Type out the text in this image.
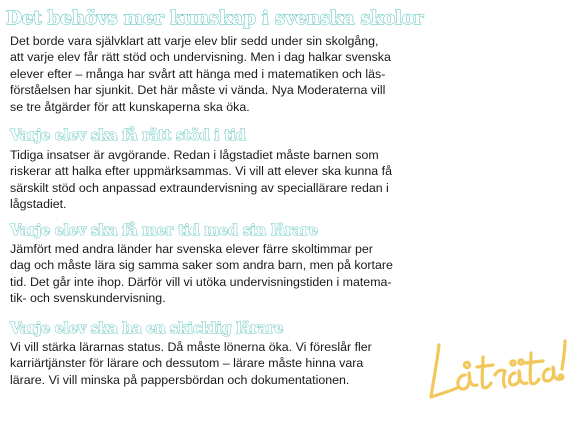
Det behövs mer kunskap i svenska skolor

Det borde vara självklart att varje elev blir sedd under sin skolgång,
att varje elev får rätt stöd och undervisning. Men i dag halkar svenska
elever efter – många har svårt att hänga med i matematiken och läs-
förståelsen har sjunkit. Det här måste vi vända. Nya Moderaterna vill
se tre åtgärder för att kunskaperna ska öka.

Varje elev ska få rätt stöd i tid

Tidiga insatser är avgörande. Redan i lågstadiet måste barnen som
riskerar att halka efter uppmärksammas. Vi vill att elever ska kunna få
särskilt stöd och anpassad extraundervisning av speciallärare redan i
lågstadiet.

Varje elev ska få mer tid med sin lärare

Jämfört med andra länder har svenska elever färre skoltimmar per
dag och måste lära sig samma saker som andra barn, men på kortare
tid. Det går inte ihop. Därför vill vi utöka undervisningstiden i matema-
tik- och svenskundervisning.

Varje elev ska ha en skicklig lärare

Vi vill stärka lärarnas status. Då måste lönerna öka. Vi föreslår fler
karriärtjänster för lärare och dessutom – lärare måste hinna vara
lärare. Vi vill minska på pappersbördan och dokumentationen.
